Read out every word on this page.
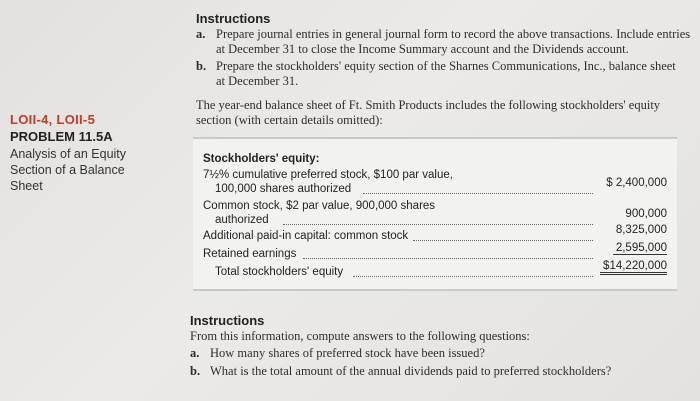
Instructions
a. Prepare journal entries in general journal form to record the above transactions. Include entries
at December 31 to close the Income Summary account and the Dividends account.
b. Prepare the stockholders' equity section of the Sharnes Communications, Inc., balance sheet
at December 31.
LOII-4, LOII-5
PROBLEM 11.5A
Analysis of an Equity Section of a Balance Sheet
The year-end balance sheet of Ft. Smith Products includes the following stockholders' equity
section (with certain details omitted):
Stockholders' equity:
7½% cumulative preferred stock, $100 par value,
100,000 shares authorized	$ 2,400,000
Common stock, $2 par value, 900,000 shares
authorized	900,000
Additional paid-in capital: common stock	8,325,000
Retained earnings	2,595,000
Total stockholders' equity	$14,220,000
Instructions
From this information, compute answers to the following questions:
a. How many shares of preferred stock have been issued?
b. What is the total amount of the annual dividends paid to preferred stockholders?
